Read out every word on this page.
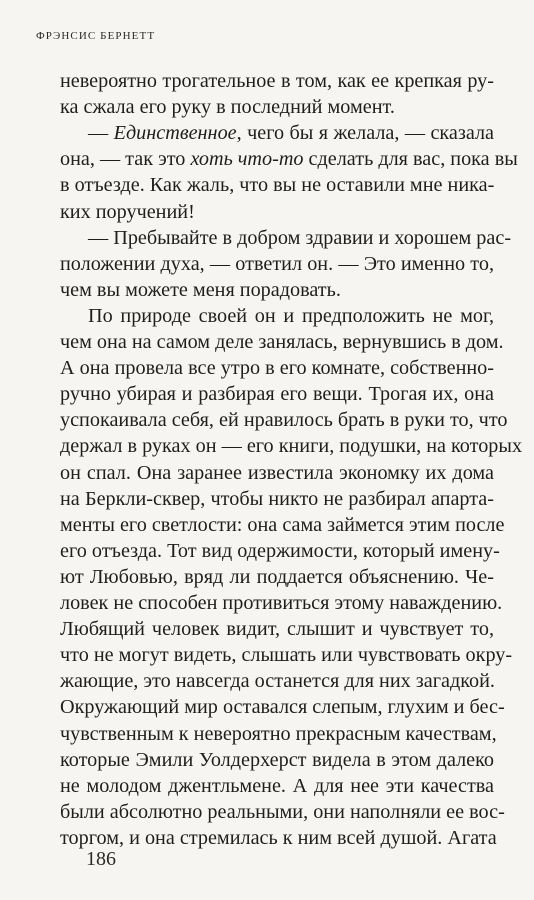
ФРЭНСИС БЕРНЕТТ
невероятно трогательное в том, как ее крепкая ру-
ка сжала его руку в последний момент.
— Единственное, чего бы я желала, — сказала
она, — так это хоть что-то сделать для вас, пока вы
в отъезде. Как жаль, что вы не оставили мне ника-
ких поручений!
— Пребывайте в добром здравии и хорошем рас-
положении духа, — ответил он. — Это именно то,
чем вы можете меня порадовать.
По природе своей он и предположить не мог,
чем она на самом деле занялась, вернувшись в дом.
А она провела все утро в его комнате, собственно-
ручно убирая и разбирая его вещи. Трогая их, она
успокаивала себя, ей нравилось брать в руки то, что
держал в руках он — его книги, подушки, на которых
он спал. Она заранее известила экономку их дома
на Беркли-сквер, чтобы никто не разбирал апарта-
менты его светлости: она сама займется этим после
его отъезда. Тот вид одержимости, который имену-
ют Любовью, вряд ли поддается объяснению. Че-
ловек не способен противиться этому наваждению.
Любящий человек видит, слышит и чувствует то,
что не могут видеть, слышать или чувствовать окру-
жающие, это навсегда останется для них загадкой.
Окружающий мир оставался слепым, глухим и бес-
чувственным к невероятно прекрасным качествам,
которые Эмили Уолдерхерст видела в этом далеко
не молодом джентльмене. А для нее эти качества
были абсолютно реальными, они наполняли ее вос-
торгом, и она стремилась к ним всей душой. Агата
186
